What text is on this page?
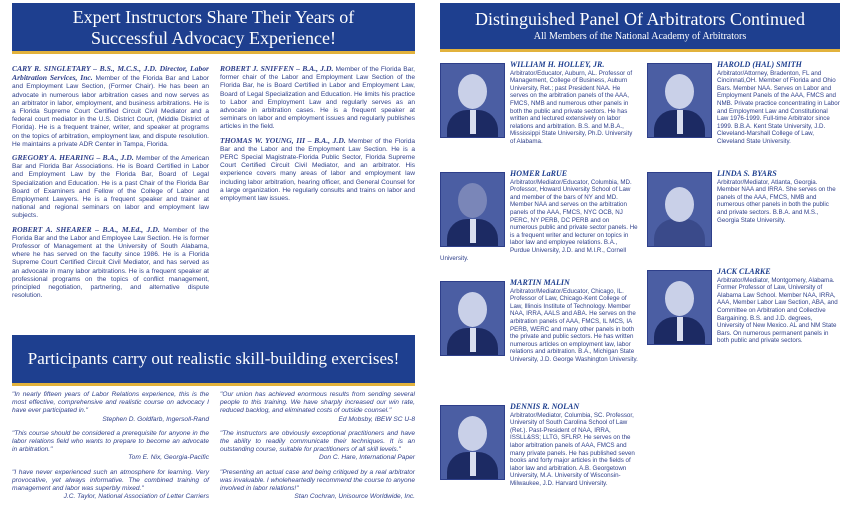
Expert Instructors Share Their Years of
Successful Advocacy Experience!
CARY R. SINGLETARY – B.S., M.C.S., J.D. Director, Labor Arbitration Services, Inc. Member of the Florida Bar and Labor and Employment Law Section, (Former Chair). He has been an advocate in numerous labor arbitration cases and now serves as an arbitrator in labor, employment, and business arbitrations. He is a Florida Supreme Court Certified Circuit Civil Mediator and a federal court mediator in the U.S. District Court, (Middle District of Florida). He is a frequent trainer, writer, and speaker at programs on the topics of arbitration, employment law, and dispute resolution. He maintains a private ADR Center in Tampa, Florida.
GREGORY A. HEARING – B.A., J.D. Member of the American Bar and Florida Bar Associations. He is Board Certified in Labor and Employment Law by the Florida Bar, Board of Legal Specialization and Education. He is a past Chair of the Florida Bar Board of Examiners and Fellow of the College of Labor and Employment Lawyers. He is a frequent speaker and trainer at national and regional seminars on labor and employment law subjects.
ROBERT A. SHEARER – B.A., M.Ed., J.D. Member of the Florida Bar and the Labor and Employee Law Section. He is former Professor of Management at the University of South Alabama, where he has served on the faculty since 1986. He is a Florida Supreme Court Certified Circuit Civil Mediator, and has served as an advocate in many labor arbitrations. He is a frequent speaker at professional programs on the topics of conflict management, principled negotiation, partnering, and alternative dispute resolution.
ROBERT J. SNIFFEN – B.A., J.D. Member of the Florida Bar, former chair of the Labor and Employment Law Section of the Florida Bar, he is Board Certified in Labor and Employment Law, Board of Legal Specialization and Education. He limits his practice to Labor and Employment Law and regularly serves as an advocate in arbitration cases. He is a frequent speaker at seminars on labor and employment issues and regularly publishes articles in the field.
THOMAS W. YOUNG, III – B.A., J.D. Member of the Florida Bar and the Labor and the Employment Law Section. He is a PERC Special Magistrate-Florida Public Sector, Florida Supreme Court Certified Circuit Civil Mediator, and an arbitrator. His experience covers many areas of labor and employment law including labor arbitration, hearing officer, and General Counsel for a large organization. He regularly consults and trains on labor and employment law issues.
Participants carry out realistic skill-building exercises!
"In nearly fifteen years of Labor Relations experience, this is the most effective, comprehensive and realistic course on advocacy I have ever participated in."
Stephen D. Goldfarb, Ingersoll-Rand
"This course should be considered a prerequisite for anyone in the labor relations field who wants to prepare to become an advocate in arbitration."
Tom E. Nix, Georgia-Pacific
"I have never experienced such an atmosphere for learning. Very provocative, yet always informative. The combined training of management and labor was superbly mixed."
J.C. Taylor, National Association of Letter Carriers
"Our union has achieved enormous results from sending several people to this training. We have sharply increased our win rate, reduced backlog, and eliminated costs of outside counsel."
Ed Mobsby, IBEW SC U-8
"The instructors are obviously exceptional practitioners and have the ability to readily communicate their techniques. It is an outstanding course, suitable for practitioners of all skill levels."
Don C. Hare, International Paper
"Presenting an actual case and being critiqued by a real arbitrator was invaluable. I wholeheartedly recommend the course to anyone involved in labor relations!"
Stan Cochran, Unisource Worldwide, Inc.
Distinguished Panel Of Arbitrators Continued
All Members of the National Academy of Arbitrators
WILLIAM H. HOLLEY, JR.
Arbitrator/Educator, Auburn, AL. Professor of Management, College of Business, Auburn University, Ret.; past President NAA. He serves on the arbitration panels of the AAA, FMCS, NMB and numerous other panels in both the public and private sectors. He has written and lectured extensively on labor relations and arbitration. B.S. and M.B.A., Mississippi State University, Ph.D. University of Alabama.
HAROLD (HAL) SMITH
Arbitrator/Attorney, Bradenton, FL and Cincinnati,OH. Member of Florida and Ohio Bars. Member NAA. Serves on Labor and Employment Panels of the AAA, FMCS and NMB. Private practice concentrating in Labor and Employment Law and Constitutional Law 1976-1999. Full-time Arbitrator since 1999. B.B.A. Kent State University, J.D. Cleveland-Marshall College of Law, Cleveland State University.
HOMER LaRUE
Arbitrator/Mediator/Educator, Columbia, MD. Professor, Howard University School of Law and member of the bars of NY and MD. Member NAA and serves on the arbitration panels of the AAA, FMCS, NYC OCB, NJ PERC, NY PERB, DC PERB and on numerous public and private sector panels. He is a frequent writer and lecturer on topics in labor law and employee relations. B.A., Purdue University, J.D. and M.I.R., Cornell University.
LINDA S. BYARS
Arbitrator/Mediator, Atlanta, Georgia. Member NAA and IRRA. She serves on the panels of the AAA, FMCS, NMB and numerous other panels in both the public and private sectors. B.B.A. and M.S., Georgia State University.
MARTIN MALIN
Arbitrator/Mediator/Educator, Chicago, IL. Professor of Law, Chicago-Kent College of Law, Illinois Institute of Technology. Member NAA, IRRA, AALS and ABA. He serves on the arbitration panels of AAA, FMCS, IL MCS, IA PERB, WERC and many other panels in both the private and public sectors. He has written numerous articles on employment law, labor relations and arbitration. B.A., Michigan State University, J.D. George Washington University.
JACK CLARKE
Arbitrator/Mediator, Montgomery, Alabama. Former Professor of Law, University of Alabama Law School. Member NAA, IRRA, AAA, Member Labor Law Section, ABA, and Committee on Arbitration and Collective Bargaining. B.S. and J.D. degrees, University of New Mexico. AL and NM State Bars. On numerous permanent panels in both public and private sectors.
DENNIS R. NOLAN
Arbitrator/Mediator, Columbia, SC. Professor, University of South Carolina School of Law (Ret.). Past-President of NAA, IRRA, ISSLL&SS; LLTG, SFLRP. He serves on the labor arbitration panels of AAA, FMCS and many private panels. He has published seven books and forty major articles in the fields of labor law and arbitration. A.B. Georgetown University, M.A. University of Wisconsin- Milwaukee, J.D. Harvard University.
